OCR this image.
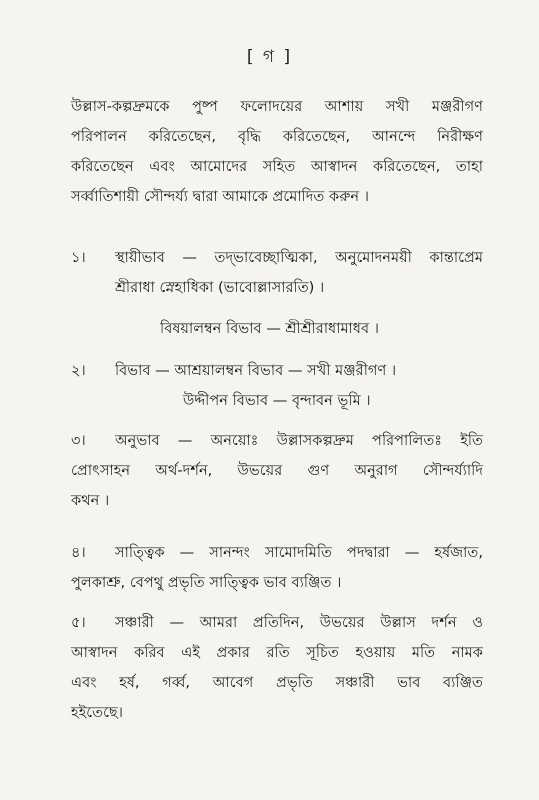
[ গ ]
উল্লাস-কল্পদ্রুমকে পুষ্প ফলোদয়ের আশায় সখী মঞ্জরীগণ
পরিপালন করিতেছেন, বৃদ্ধি করিতেছেন, আনন্দে নিরীক্ষণ
করিতেছেন এবং আমোদের সহিত আস্বাদন করিতেছেন, তাহা
সর্ব্বাতিশায়ী সৌন্দর্য্য দ্বারা আমাকে প্রমোদিত করুন ।
১।	স্থায়ীভাব — তদ্‌ভাবেচ্ছাত্মিকা, অনুমোদনময়ী কান্তাপ্রেম
শ্রীরাধা স্নেহাধিকা (ভাবোল্লাসারতি) ।
বিষয়ালম্বন বিভাব — শ্রীশ্রীরাধামাধব ।
২।	বিভাব — আশ্রয়ালম্বন বিভাব — সখী মঞ্জরীগণ ।
উদ্দীপন বিভাব — বৃন্দাবন ভূমি ।
৩।	অনুভাব — অনয়োঃ উল্লাসকল্পদ্রুম পরিপালিতঃ ইতি
প্রোৎসাহন অর্থ-দর্শন, উভয়ের গুণ অনুরাগ সৌন্দর্য্যাদি
কথন ।
৪।	সাত্ত্বিক — সানন্দং সামোদমিতি পদদ্বারা — হর্ষজাত,
পুলকাশ্রু, বেপথু প্রভৃতি সাত্ত্বিক ভাব ব্যঞ্জিত ।
৫।	সঞ্চারী — আমরা প্রতিদিন, উভয়ের উল্লাস দর্শন ও
আস্বাদন করিব এই প্রকার রতি সূচিত হওয়ায় মতি নামক
এবং হর্ষ, গর্ব্ব, আবেগ প্রভৃতি সঞ্চারী ভাব ব্যঞ্জিত
হইতেছে।
